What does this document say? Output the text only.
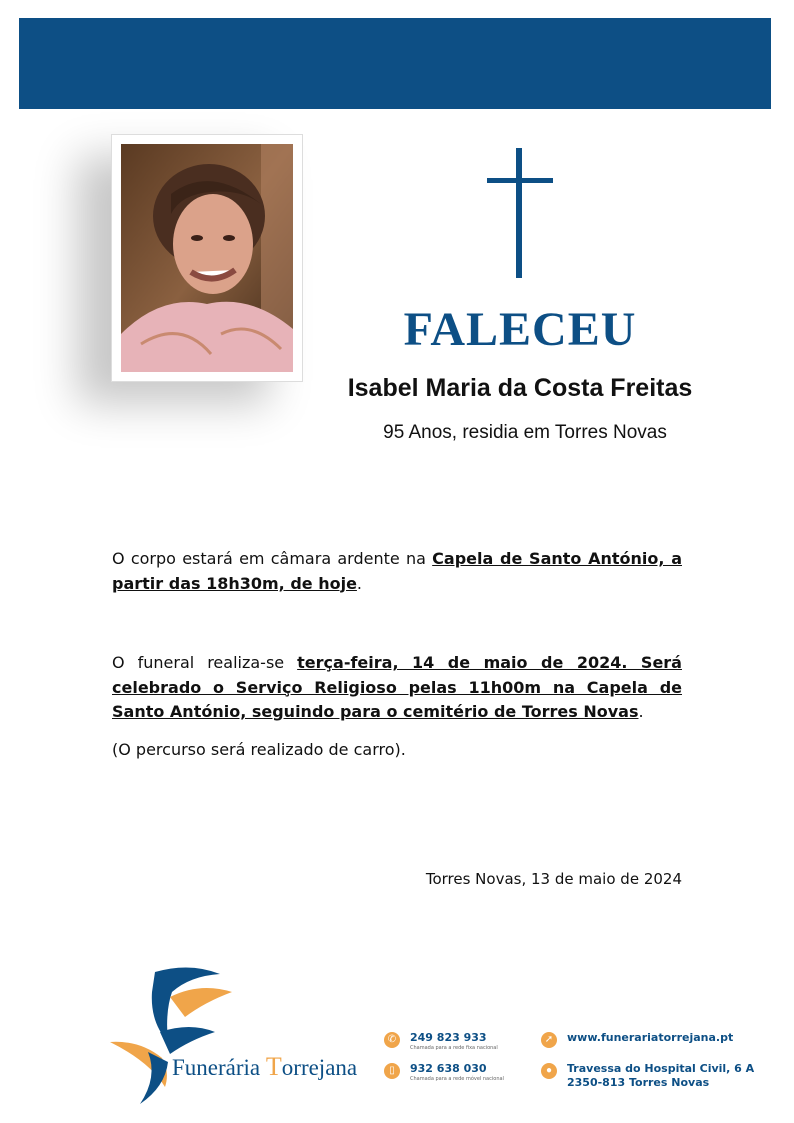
FALECEU
Isabel Maria da Costa Freitas
95 Anos, residia em Torres Novas
O corpo estará em câmara ardente na Capela de Santo António, a partir das 18h30m, de hoje.
O funeral realiza-se terça-feira, 14 de maio de 2024. Será celebrado o Serviço Religioso pelas 11h00m na Capela de Santo António, seguindo para o cemitério de Torres Novas.
(O percurso será realizado de carro).
Torres Novas, 13 de maio de 2024
Funerária Torrejana
✆	249 823 933
Chamada para a rede fixa nacional
▯	932 638 030
Chamada para a rede móvel nacional
➚	www.funerariatorrejana.pt
●	Travessa do Hospital Civil, 6 A
2350-813 Torres Novas
